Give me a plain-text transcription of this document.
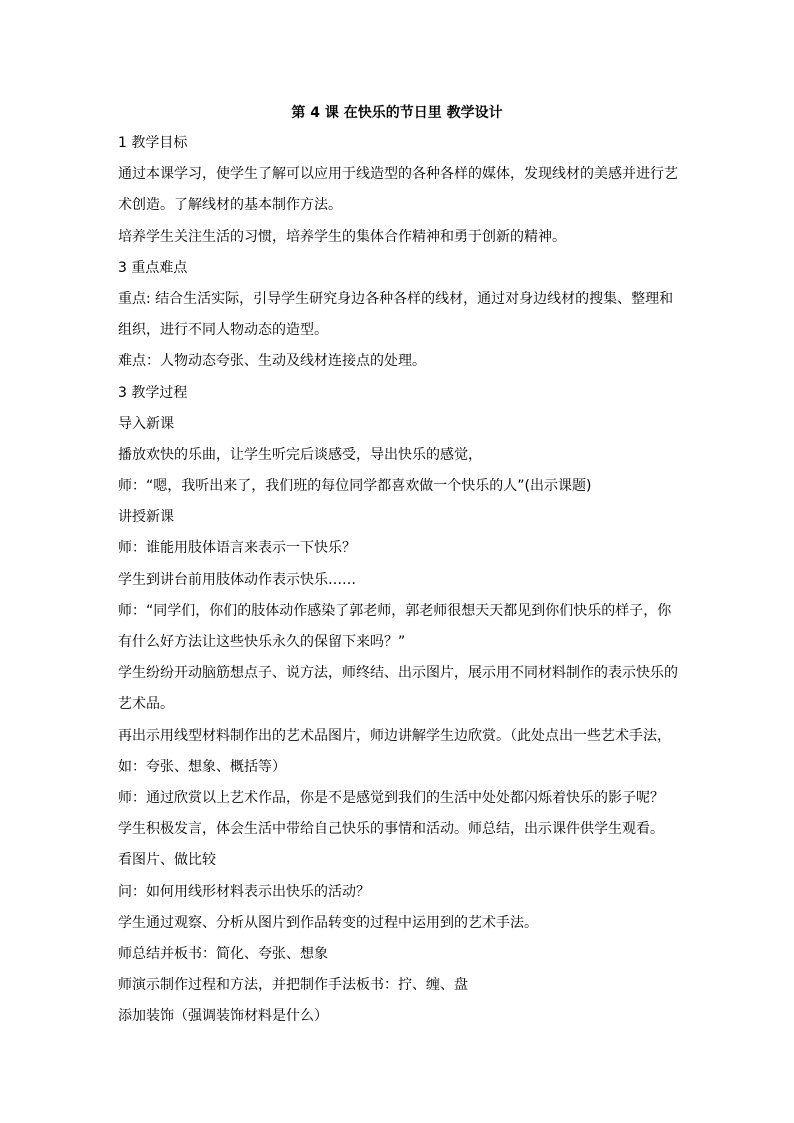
第 4 课 在快乐的节日里 教学设计
1 教学目标
通过本课学习，使学生了解可以应用于线造型的各种各样的媒体，发现线材的美感并进行艺
术创造。了解线材的基本制作方法。
培养学生关注生活的习惯，培养学生的集体合作精神和勇于创新的精神。
3 重点难点
重点: 结合生活实际，引导学生研究身边各种各样的线材，通过对身边线材的搜集、整理和
组织，进行不同人物动态的造型。
难点：人物动态夸张、生动及线材连接点的处理。
3 教学过程
导入新课
播放欢快的乐曲，让学生听完后谈感受，导出快乐的感觉，
师：“嗯，我听出来了，我们班的每位同学都喜欢做一个快乐的人”(出示课题)
讲授新课
师：谁能用肢体语言来表示一下快乐？
学生到讲台前用肢体动作表示快乐……
师：“同学们，你们的肢体动作感染了郭老师，郭老师很想天天都见到你们快乐的样子，你
有什么好方法让这些快乐永久的保留下来吗？”
学生纷纷开动脑筋想点子、说方法，师终结、出示图片，展示用不同材料制作的表示快乐的
艺术品。
再出示用线型材料制作出的艺术品图片，师边讲解学生边欣赏。（此处点出一些艺术手法，
如：夸张、想象、概括等）
师：通过欣赏以上艺术作品，你是不是感觉到我们的生活中处处都闪烁着快乐的影子呢？
学生积极发言，体会生活中带给自己快乐的事情和活动。师总结，出示课件供学生观看。
看图片、做比较
问：如何用线形材料表示出快乐的活动？
学生通过观察、分析从图片到作品转变的过程中运用到的艺术手法。
师总结并板书：简化、夸张、想象
师演示制作过程和方法，并把制作手法板书：拧、缠、盘
添加装饰（强调装饰材料是什么）
